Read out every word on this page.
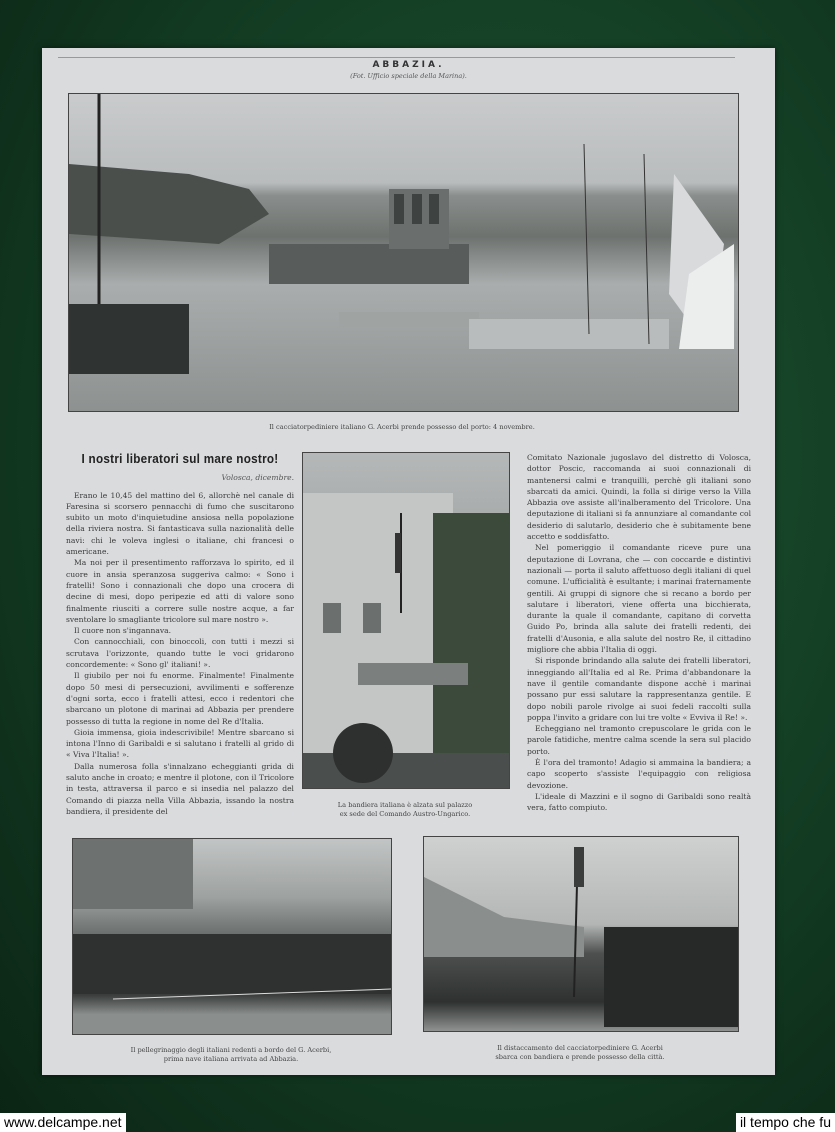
ABBAZIA.
(Fot. Ufficio speciale della Marina).
Il cacciatorpediniere italiano G. Acerbi prende possesso del porto: 4 novembre.
I nostri liberatori sul mare nostro!
Volosca, dicembre.

Erano le 10,45 del mattino del 6, allorchè nel canale di Faresina si scorsero pennacchi di fumo che suscitarono subito un moto d'inquietudine ansiosa nella popolazione della riviera nostra. Si fantasticava sulla nazionalità delle navi: chi le voleva inglesi o italiane, chi francesi o americane.

Ma noi per il presentimento rafforzava lo spirito, ed il cuore in ansia speranzosa suggeriva calmo: « Sono i fratelli! Sono i connazionali che dopo una crocera di decine di mesi, dopo peripezie ed atti di valore sono finalmente riusciti a correre sulle nostre acque, a far sventolare lo smagliante tricolore sul mare nostro ».

Il cuore non s'ingannava.

Con cannocchiali, con binoccoli, con tutti i mezzi si scrutava l'orizzonte, quando tutte le voci gridarono concordemente: « Sono gl' italiani! ».

Il giubilo per noi fu enorme. Finalmente! Finalmente dopo 50 mesi di persecuzioni, avvilimenti e sofferenze d'ogni sorta, ecco i fratelli attesi, ecco i redentori che sbarcano un plotone di marinai ad Abbazia per prendere possesso di tutta la regione in nome del Re d'Italia.

Gioia immensa, gioia indescrivibile! Mentre sbarcano si intona l'Inno di Garibaldi e si salutano i fratelli al grido di « Viva l'Italia! ».

Dalla numerosa folla s'innalzano echeggianti grida di saluto anche in croato; e mentre il plotone, con il Tricolore in testa, attraversa il parco e si insedia nel palazzo del Comando di piazza nella Villa Abbazia, issando la nostra bandiera, il presidente del

La bandiera italiana è alzata sul palazzo
ex sede del Comando Austro-Ungarico.

Comitato Nazionale jugoslavo del distretto di Volosca, dottor Poscic, raccomanda ai suoi connazionali di mantenersi calmi e tranquilli, perchè gli italiani sono sbarcati da amici. Quindi, la folla si dirige verso la Villa Abbazia ove assiste all'inalberamento del Tricolore. Una deputazione di italiani si fa annunziare al comandante col desiderio di salutarlo, desiderio che è subitamente bene accetto e soddisfatto.

Nel pomeriggio il comandante riceve pure una deputazione di Lovrana, che — con coccarde e distintivi nazionali — porta il saluto affettuoso degli italiani di quel comune. L'ufficialità è esultante; i marinai fraternamente gentili. Ai gruppi di signore che si recano a bordo per salutare i liberatori, viene offerta una bicchierata, durante la quale il comandante, capitano di corvetta Guido Po, brinda alla salute dei fratelli redenti, dei fratelli d'Ausonia, e alla salute del nostro Re, il cittadino migliore che abbia l'Italia di oggi.

Si risponde brindando alla salute dei fratelli liberatori, inneggiando all'Italia ed al Re. Prima d'abbandonare la nave il gentile comandante dispone acchè i marinai possano pur essi salutare la rappresentanza gentile. E dopo nobili parole rivolge ai suoi fedeli raccolti sulla poppa l'invito a gridare con lui tre volte « Evviva il Re! ».

Echeggiano nel tramonto crepuscolare le grida con le parole fatidiche, mentre calma scende la sera sul placido porto.

È l'ora del tramonto! Adagio si ammaina la bandiera; a capo scoperto s'assiste l'equipaggio con religiosa devozione.

L'ideale di Mazzini e il sogno di Garibaldi sono realtà vera, fatto compiuto.

Il pellegrinaggio degli italiani redenti a bordo del G. Acerbi,
prima nave italiana arrivata ad Abbazia.
Il distaccamento del cacciatorpediniere G. Acerbi
sbarca con bandiera e prende possesso della città.
www.delcampe.net	il tempo che fu
